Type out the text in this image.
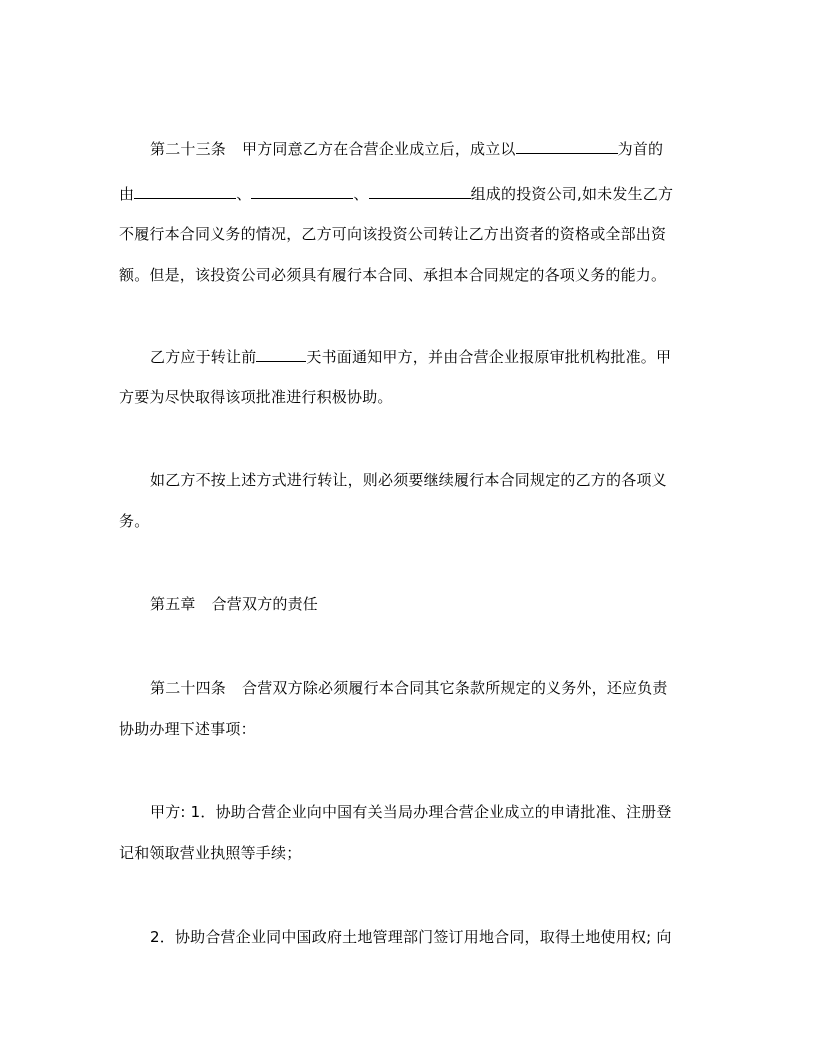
第二十三条 甲方同意乙方在合营企业成立后，成立以	为首的
由	、	、	组成的投资公司,如未发生乙方
不履行本合同义务的情况，乙方可向该投资公司转让乙方出资者的资格或全部出资
额。但是，该投资公司必须具有履行本合同、承担本合同规定的各项义务的能力。
乙方应于转让前	天书面通知甲方，并由合营企业报原审批机构批准。甲
方要为尽快取得该项批准进行积极协助。
如乙方不按上述方式进行转让，则必须要继续履行本合同规定的乙方的各项义
务。
第五章 合营双方的责任
第二十四条 合营双方除必须履行本合同其它条款所规定的义务外，还应负责
协助办理下述事项：
甲方: 1．协助合营企业向中国有关当局办理合营企业成立的申请批准、注册登
记和领取营业执照等手续；
2．协助合营企业同中国政府土地管理部门签订用地合同，取得土地使用权; 向
